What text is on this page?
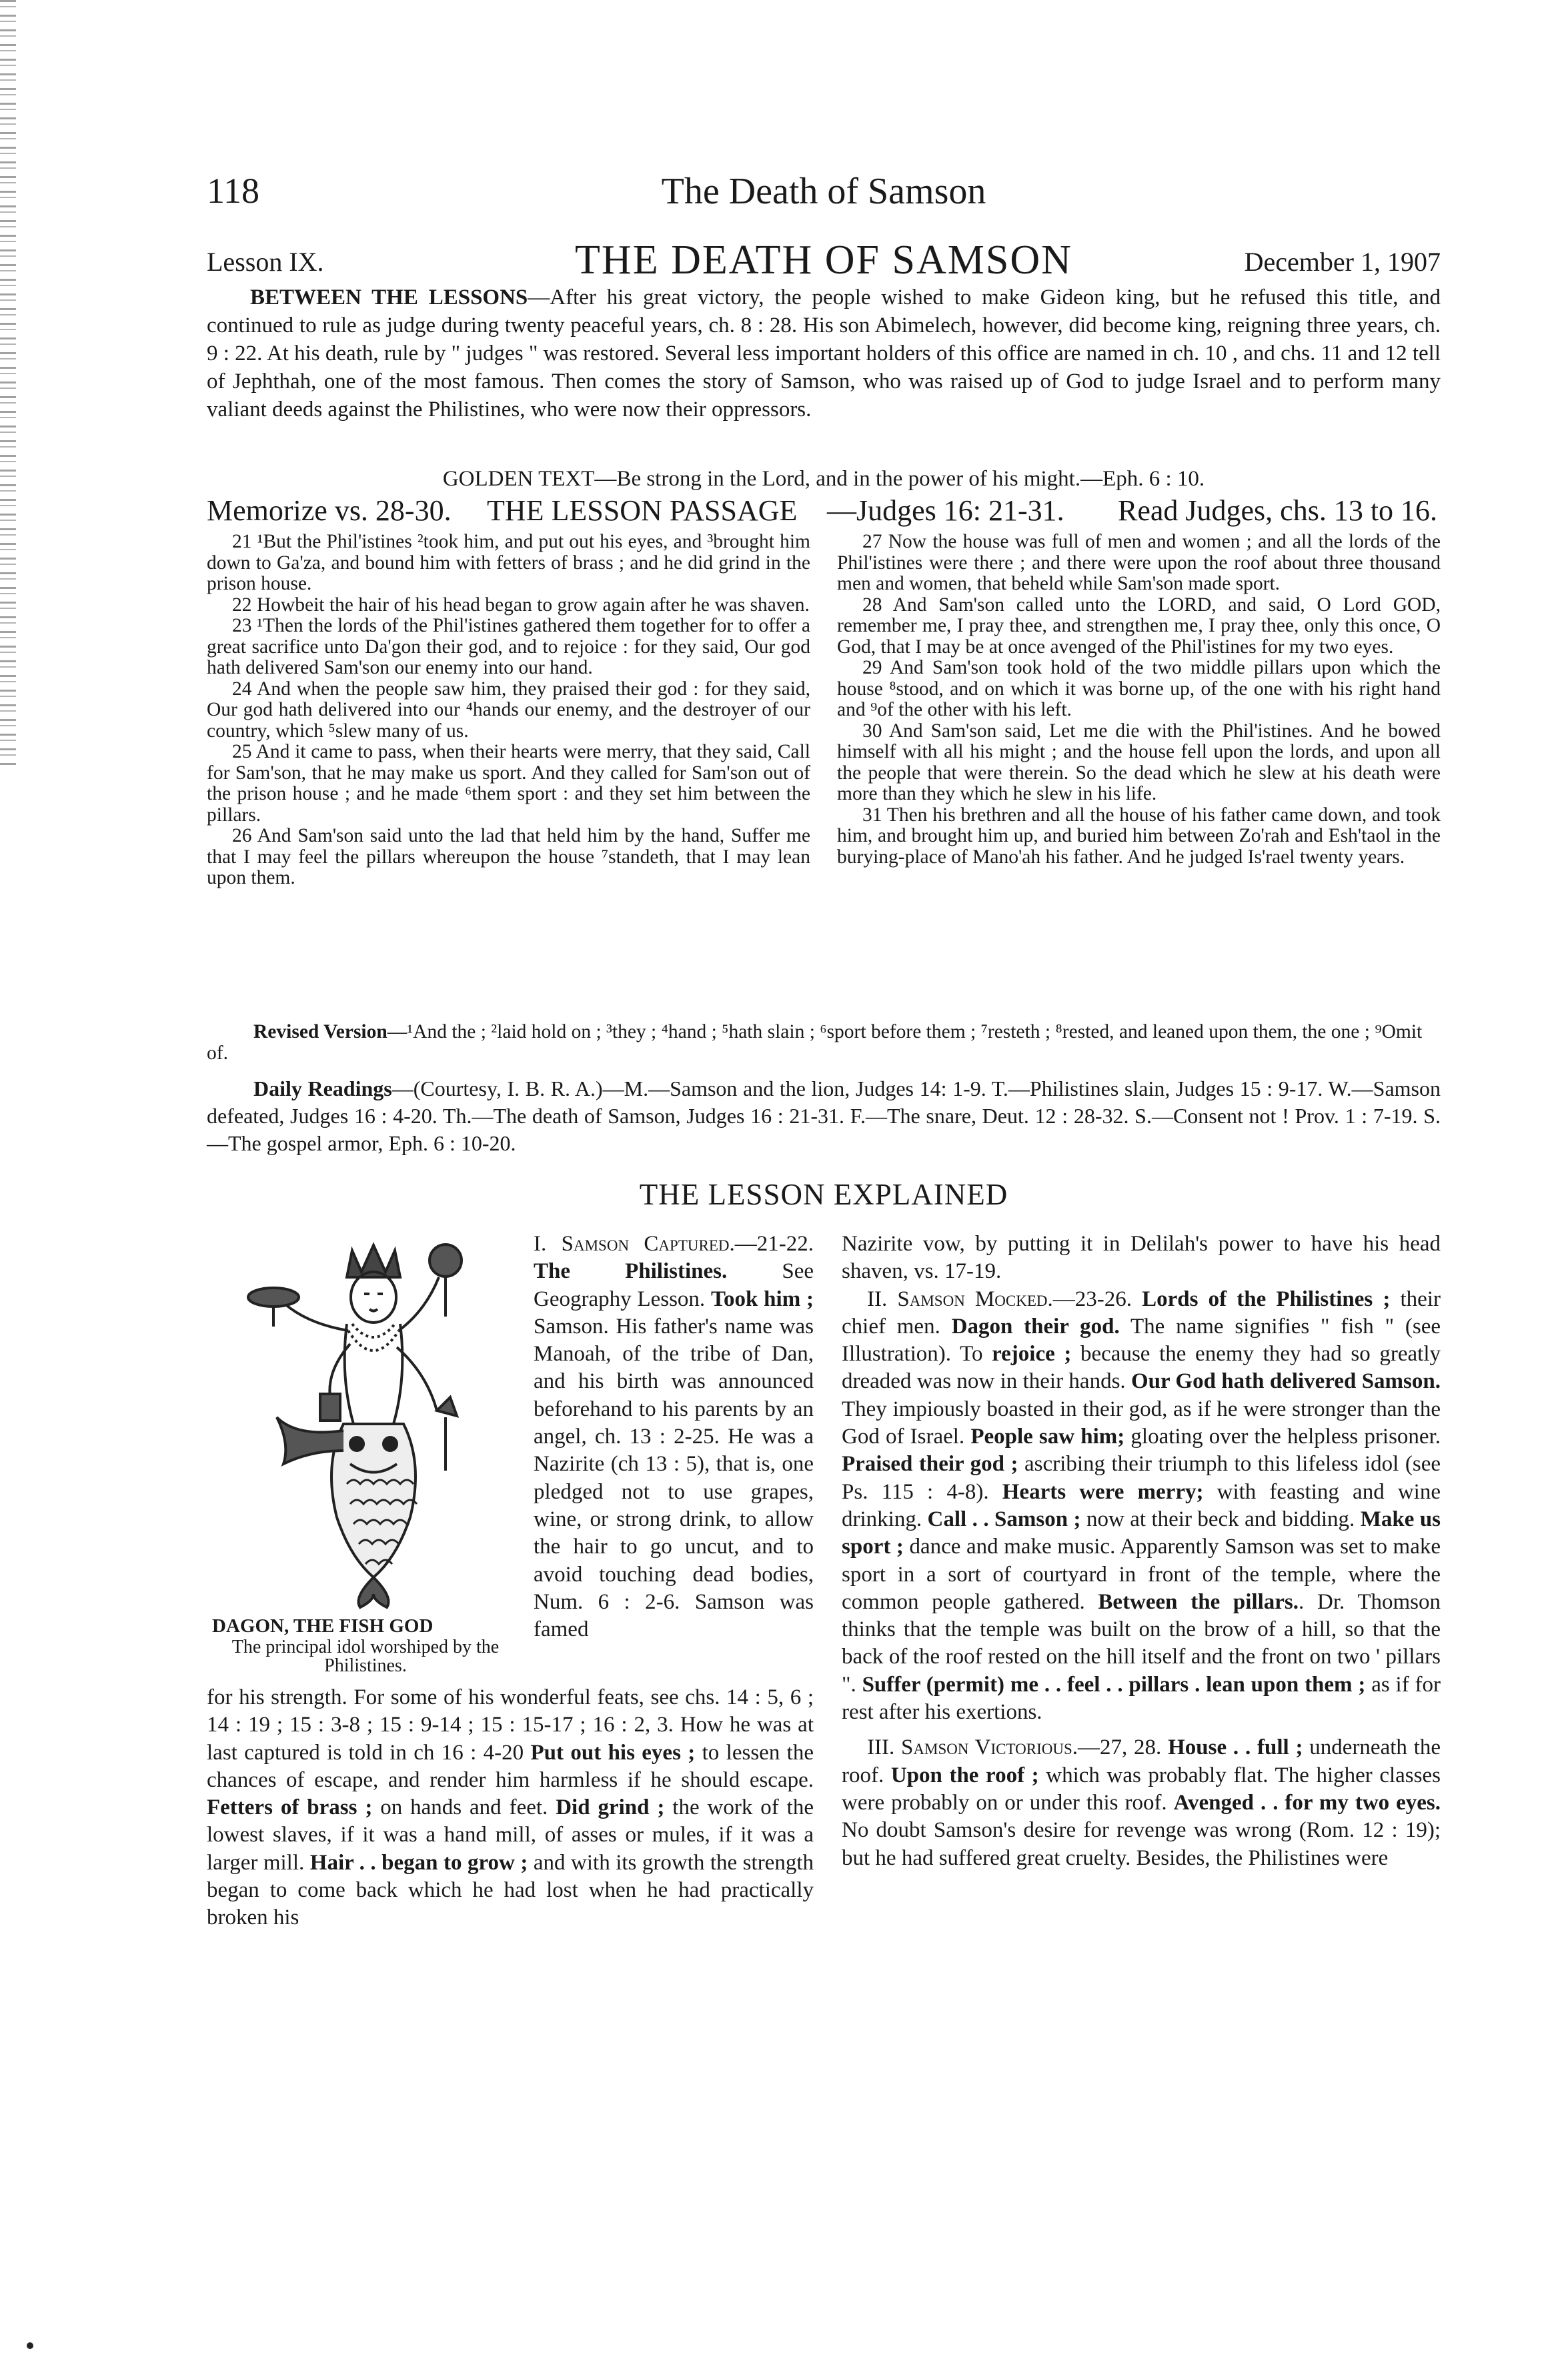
118	The Death of Samson
Lesson IX.	THE DEATH OF SAMSON	December 1, 1907

BETWEEN THE LESSONS—After his great victory, the people wished to make Gideon king, but he refused this title, and continued to rule as judge during twenty peaceful years, ch. 8 : 28. His son Abimelech, however, did become king, reigning three years, ch. 9 : 22. At his death, rule by " judges " was restored. Several less important holders of this office are named in ch. 10 , and chs. 11 and 12 tell of Jephthah, one of the most famous. Then comes the story of Samson, who was raised up of God to judge Israel and to perform many valiant deeds against the Philistines, who were now their oppressors.

GOLDEN TEXT—Be strong in the Lord, and in the power of his might.—Eph. 6 : 10.
Memorize vs. 28-30. THE LESSON PASSAGE —Judges 16: 21-31. Read Judges, chs. 13 to 16.

21 ¹But the Phil'istines ²took him, and put out his eyes, and ³brought him down to Ga'za, and bound him with fetters of brass ; and he did grind in the prison house.

22 Howbeit the hair of his head began to grow again after he was shaven.

23 ¹Then the lords of the Phil'istines gathered them together for to offer a great sacrifice unto Da'gon their god, and to rejoice : for they said, Our god hath delivered Sam'son our enemy into our hand.

24 And when the people saw him, they praised their god : for they said, Our god hath delivered into our ⁴hands our enemy, and the destroyer of our country, which ⁵slew many of us.

25 And it came to pass, when their hearts were merry, that they said, Call for Sam'son, that he may make us sport. And they called for Sam'son out of the prison house ; and he made ⁶them sport : and they set him between the pillars.

26 And Sam'son said unto the lad that held him by the hand, Suffer me that I may feel the pillars whereupon the house ⁷standeth, that I may lean upon them.

27 Now the house was full of men and women ; and all the lords of the Phil'istines were there ; and there were upon the roof about three thousand men and women, that beheld while Sam'son made sport.

28 And Sam'son called unto the LORD, and said, O Lord GOD, remember me, I pray thee, and strengthen me, I pray thee, only this once, O God, that I may be at once avenged of the Phil'istines for my two eyes.

29 And Sam'son took hold of the two middle pillars upon which the house ⁸stood, and on which it was borne up, of the one with his right hand and ⁹of the other with his left.

30 And Sam'son said, Let me die with the Phil'istines. And he bowed himself with all his might ; and the house fell upon the lords, and upon all the people that were therein. So the dead which he slew at his death were more than they which he slew in his life.

31 Then his brethren and all the house of his father came down, and took him, and brought him up, and buried him between Zo'rah and Esh'taol in the burying-place of Mano'ah his father. And he judged Is'rael twenty years.

Revised Version—¹And the ; ²laid hold on ; ³they ; ⁴hand ; ⁵hath slain ; ⁶sport before them ; ⁷resteth ; ⁸rested, and leaned upon them, the one ; ⁹Omit of.

Daily Readings—(Courtesy, I. B. R. A.)—M.—Samson and the lion, Judges 14: 1-9. T.—Philistines slain, Judges 15 : 9-17. W.—Samson defeated, Judges 16 : 4-20. Th.—The death of Samson, Judges 16 : 21-31. F.—The snare, Deut. 12 : 28-32. S.—Consent not ! Prov. 1 : 7-19. S.—The gospel armor, Eph. 6 : 10-20.

THE LESSON EXPLAINED
DAGON, THE FISH GOD

The principal idol worshiped by the Philistines.

I. Samson Captured.—21-22. The Philistines. See Geography Lesson. Took him ; Samson. His father's name was Manoah, of the tribe of Dan, and his birth was announced beforehand to his parents by an angel, ch. 13 : 2-25. He was a Nazirite (ch 13 : 5), that is, one pledged not to use grapes, wine, or strong drink, to allow the hair to go uncut, and to avoid touching dead bodies, Num. 6 : 2-6. Samson was famed

for his strength. For some of his wonderful feats, see chs. 14 : 5, 6 ; 14 : 19 ; 15 : 3-8 ; 15 : 9-14 ; 15 : 15-17 ; 16 : 2, 3. How he was at last captured is told in ch 16 : 4-20 Put out his eyes ; to lessen the chances of escape, and render him harmless if he should escape. Fetters of brass ; on hands and feet. Did grind ; the work of the lowest slaves, if it was a hand mill, of asses or mules, if it was a larger mill. Hair . . began to grow ; and with its growth the strength began to come back which he had lost when he had practically broken his

Nazirite vow, by putting it in Delilah's power to have his head shaven, vs. 17-19.

II. Samson Mocked.—23-26. Lords of the Philistines ; their chief men. Dagon their god. The name signifies " fish " (see Illustration). To rejoice ; because the enemy they had so greatly dreaded was now in their hands. Our God hath delivered Samson. They impiously boasted in their god, as if he were stronger than the God of Israel. People saw him; gloating over the helpless prisoner. Praised their god ; ascribing their triumph to this lifeless idol (see Ps. 115 : 4-8). Hearts were merry; with feasting and wine drinking. Call . . Samson ; now at their beck and bidding. Make us sport ; dance and make music. Apparently Samson was set to make sport in a sort of courtyard in front of the temple, where the common people gathered. Between the pillars.. Dr. Thomson thinks that the temple was built on the brow of a hill, so that the back of the roof rested on the hill itself and the front on two ' pillars ". Suffer (permit) me . . feel . . pillars . lean upon them ; as if for rest after his exertions.

III. Samson Victorious.—27, 28. House . . full ; underneath the roof. Upon the roof ; which was probably flat. The higher classes were probably on or under this roof. Avenged . . for my two eyes. No doubt Samson's desire for revenge was wrong (Rom. 12 : 19); but he had suffered great cruelty. Besides, the Philistines were
